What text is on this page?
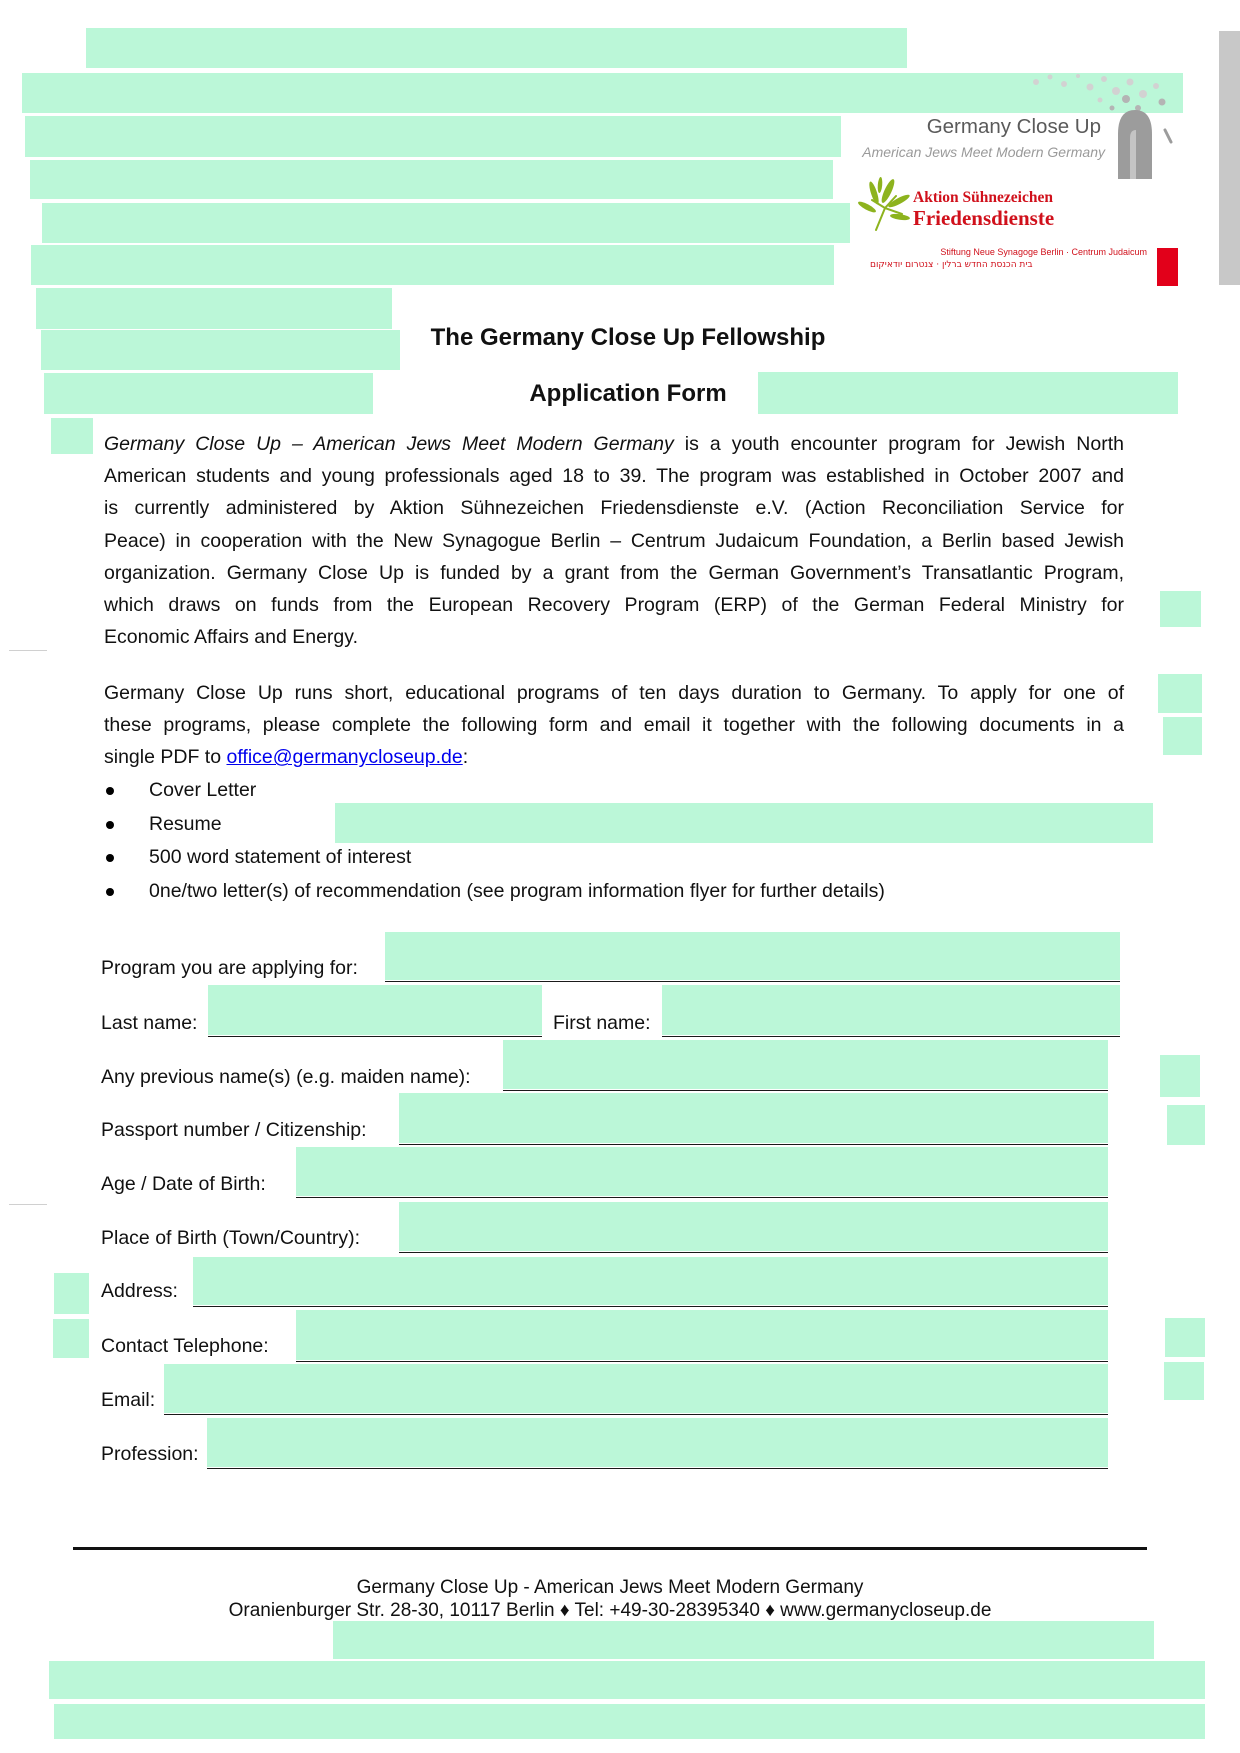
Germany Close Up
American Jews Meet Modern Germany
Aktion Sühnezeichen
Friedensdienste
Stiftung Neue Synagoge Berlin · Centrum Judaicum
בית הכנסת החדש ברלין · צנטרום יודאיקום
The Germany Close Up Fellowship
Application Form
Germany Close Up – American Jews Meet Modern Germany is a youth encounter program for Jewish North
American students and young professionals aged 18 to 39. The program was established in October 2007 and
is currently administered by Aktion Sühnezeichen Friedensdienste e.V. (Action Reconciliation Service for
Peace) in cooperation with the New Synagogue Berlin – Centrum Judaicum Foundation, a Berlin based Jewish
organization. Germany Close Up is funded by a grant from the German Government’s Transatlantic Program,
which draws on funds from the European Recovery Program (ERP) of the German Federal Ministry for
Economic Affairs and Energy.
Germany Close Up runs short, educational programs of ten days duration to Germany. To apply for one of
these programs, please complete the following form and email it together with the following documents in a
single PDF to office@germanycloseup.de:
Cover Letter
Resume
500 word statement of interest
0ne/two letter(s) of recommendation (see program information flyer for further details)
Program you are applying for:
Last name:	First name:
Any previous name(s) (e.g. maiden name):
Passport number / Citizenship:
Age / Date of Birth:
Place of Birth (Town/Country):
Address:
Contact Telephone:
Email:
Profession:
Germany Close Up - American Jews Meet Modern Germany
Oranienburger Str. 28-30, 10117 Berlin ♦ Tel: +49-30-28395340 ♦ www.germanycloseup.de
